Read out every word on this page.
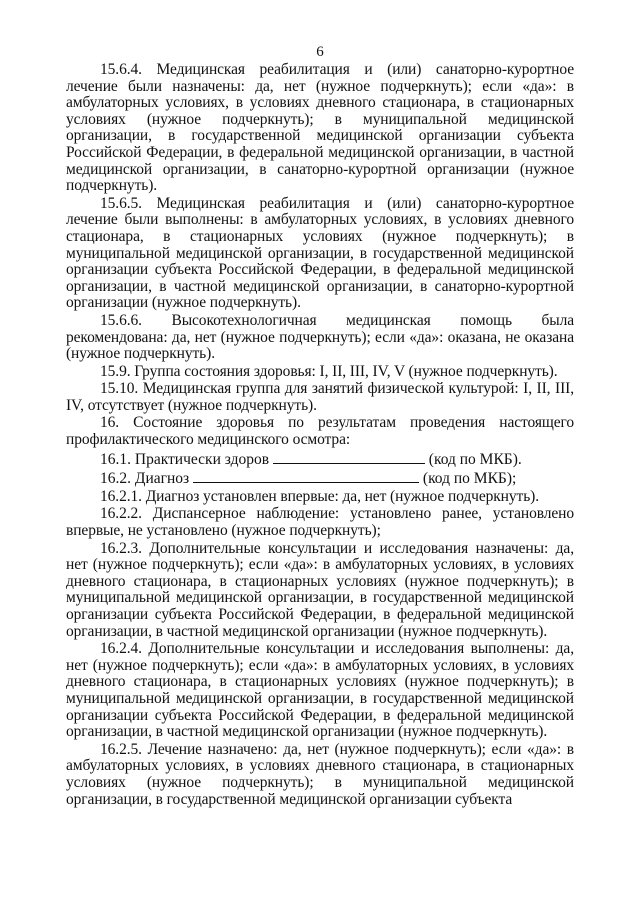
6

15.6.4. Медицинская реабилитация и (или) санаторно-курортное лечение были назначены: да, нет (нужное подчеркнуть); если «да»: в амбулаторных условиях, в условиях дневного стационара, в стационарных условиях (нужное подчеркнуть); в муниципальной медицинской организации, в государственной медицинской организации субъекта Российской Федерации, в федеральной медицинской организации, в частной медицинской организации, в санаторно-курортной организации (нужное подчеркнуть).

15.6.5. Медицинская реабилитация и (или) санаторно-курортное лечение были выполнены: в амбулаторных условиях, в условиях дневного стационара, в стационарных условиях (нужное подчеркнуть); в муниципальной медицинской организации, в государственной медицинской организации субъекта Российской Федерации, в федеральной медицинской организации, в частной медицинской организации, в санаторно-курортной организации (нужное подчеркнуть).

15.6.6. Высокотехнологичная медицинская помощь была рекомендована: да, нет (нужное подчеркнуть); если «да»: оказана, не оказана (нужное подчеркнуть).

15.9. Группа состояния здоровья: I, II, III, IV, V (нужное подчеркнуть).

15.10. Медицинская группа для занятий физической культурой: I, II, III, IV, отсутствует (нужное подчеркнуть).

16. Состояние здоровья по результатам проведения настоящего профилактического медицинского осмотра:

16.1. Практически здоров	(код по МКБ).
16.2. Диагноз	(код по МКБ);

16.2.1. Диагноз установлен впервые: да, нет (нужное подчеркнуть).

16.2.2. Диспансерное наблюдение: установлено ранее, установлено впервые, не установлено (нужное подчеркнуть);

16.2.3. Дополнительные консультации и исследования назначены: да, нет (нужное подчеркнуть); если «да»: в амбулаторных условиях, в условиях дневного стационара, в стационарных условиях (нужное подчеркнуть); в муниципальной медицинской организации, в государственной медицинской организации субъекта Российской Федерации, в федеральной медицинской организации, в частной медицинской организации (нужное подчеркнуть).

16.2.4. Дополнительные консультации и исследования выполнены: да, нет (нужное подчеркнуть); если «да»: в амбулаторных условиях, в условиях дневного стационара, в стационарных условиях (нужное подчеркнуть); в муниципальной медицинской организации, в государственной медицинской организации субъекта Российской Федерации, в федеральной медицинской организации, в частной медицинской организации (нужное подчеркнуть).

16.2.5. Лечение назначено: да, нет (нужное подчеркнуть); если «да»: в амбулаторных условиях, в условиях дневного стационара, в стационарных условиях (нужное подчеркнуть); в муниципальной медицинской организации, в государственной медицинской организации субъекта
